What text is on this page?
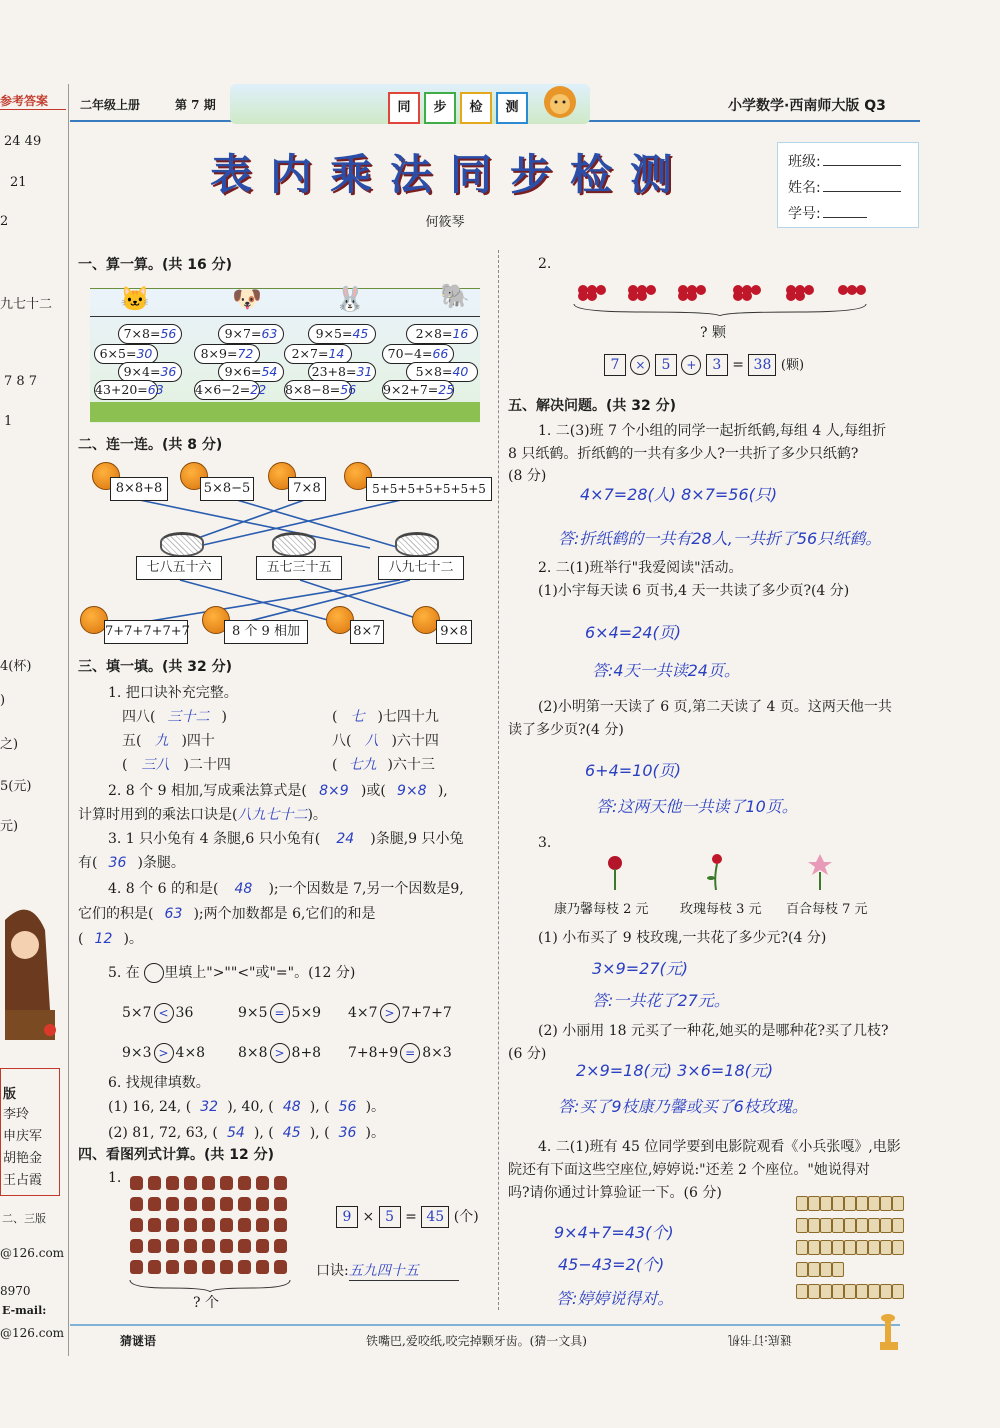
参考答案
24 49
21
2
九七十二
7 8 7
1
4(杯)
)
之)
5(元)
元)
版
李玲
申庆军
胡艳金
王占霞
二、三版
@126.com
8970
E-mail:
@126.com
二年级上册	第 7 期	同	步	检	测	小学数学·西南师大版 Q3
表内乘法同步检测
何筱琴
班级:
姓名:
学号:
一、算一算。(共 16 分)
🐱	🐶	🐰	🐘
7×8=56	9×7=63	9×5=45	2×8=16
6×5=30	8×9=72	2×7=14	70−4=66
9×4=36	9×6=54	23+8=31	5×8=40
43+20=63	4×6−2=22 8×8−8=56 9×2+7=25
二、连一连。(共 8 分)
8×8+8	5×8−5	7×8	5+5+5+5+5+5+5
七八五十六	五七三十五	八九七十二
7+7+7+7+7	8 个 9 相加	8×7	9×8
三、填一填。(共 32 分)
1. 把口诀补充完整。
四八( 三十二 )	( 七 )七四十九
五( 九 )四十	八( 八 )六十四
( 三八 )二十四	( 七九 )六十三
2. 8 个 9 相加,写成乘法算式是( 8×9 )或( 9×8 ),
计算时用到的乘法口诀是(八九七十二)。
3. 1 只小兔有 4 条腿,6 只小兔有( 24 )条腿,9 只小兔
有( 36 )条腿。
4. 8 个 6 的和是( 48 );一个因数是 7,另一个因数是9,
它们的积是( 63 );两个加数都是 6,它们的和是
( 12 )。
5. 在 里填上">""<"或"="。(12 分)
5×7 < 36	9×5 = 5×9 4×7 > 7+7+7
9×3 > 4×8 8×8 > 8+8 7+8+9 = 8×3
6. 找规律填数。
(1) 16, 24, ( 32 ), 40, ( 48 ), ( 56 )。
(2) 81, 72, 63, ( 54 ), ( 45 ), ( 36 )。
四、看图列式计算。(共 12 分)
1.
? 个
9 × 5 = 45 (个)
口诀:五九四十五
2.
? 颗
7 × 5 + 3 = 38 (颗)
五、解决问题。(共 32 分)
1. 二(3)班 7 个小组的同学一起折纸鹤,每组 4 人,每组折
8 只纸鹤。折纸鹤的一共有多少人?一共折了多少只纸鹤?
(8 分)
4×7=28(人) 8×7=56(只)
答:折纸鹤的一共有28人,一共折了56只纸鹤。
2. 二(1)班举行"我爱阅读"活动。
(1)小宇每天读 6 页书,4 天一共读了多少页?(4 分)
6×4=24(页)
答:4天一共读24页。
(2)小明第一天读了 6 页,第二天读了 4 页。这两天他一共
读了多少页?(4 分)
6+4=10(页)
答:这两天他一共读了10页。
3.
康乃馨每枝 2 元 玫瑰每枝 3 元 百合每枝 7 元
(1) 小布买了 9 枝玫瑰,一共花了多少元?(4 分)
3×9=27(元)
答:一共花了27元。
(2) 小丽用 18 元买了一种花,她买的是哪种花?买了几枝?
(6 分)
2×9=18(元) 3×6=18(元)
答:买了9枝康乃馨或买了6枝玫瑰。
4. 二(1)班有 45 位同学要到电影院观看《小兵张嘎》,电影
院还有下面这些空座位,婷婷说:"还差 2 个座位。"她说得对
吗?请你通过计算验证一下。(6 分)
9×4+7=43(个)
45−43=2(个)
答:婷婷说得对。
猜谜语	铁嘴巴,爱咬纸,咬完掉颗牙齿。(猜一文具)	谜底:订书机
